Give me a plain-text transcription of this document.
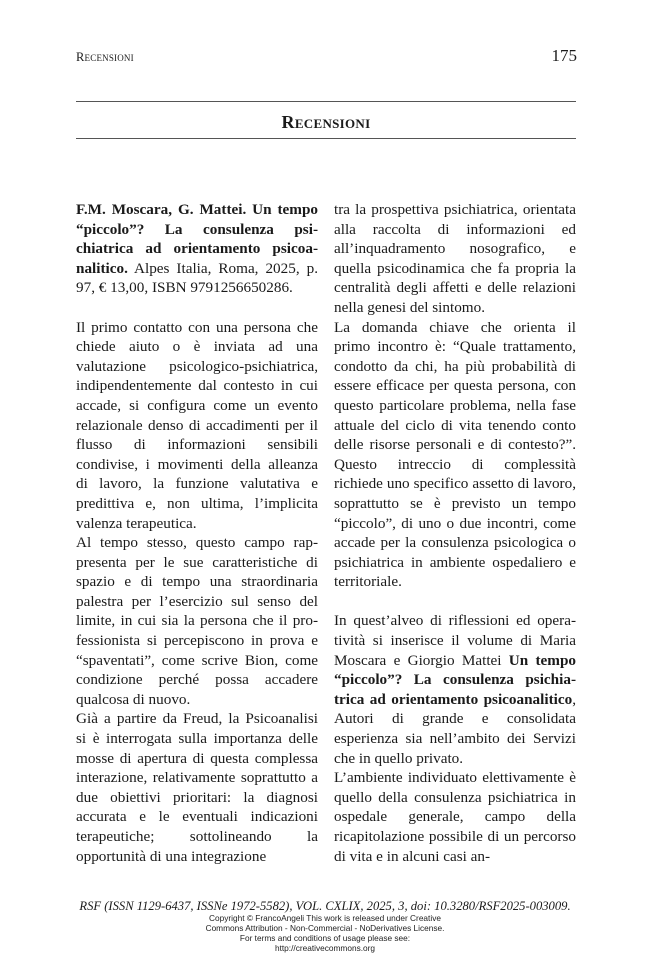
Recensioni	175
Recensioni

F.M. Moscara, G. Mattei. Un tempo “piccolo”? La consulenza psichiatrica ad orientamento psicoanalitico. Alpes Italia, Roma, 2025, p. 97, € 13,00, ISBN 9791256650286.

Il primo contatto con una persona che chiede aiuto o è inviata ad una valutazione psicologico-psichiatrica, indipendentemente dal contesto in cui accade, si configura come un evento relazionale denso di accadimenti per il flusso di informazioni sensibili condivise, i movimenti della alleanza di lavoro, la funzione valutativa e predittiva e, non ultima, l’implicita valenza terapeutica.

Al tempo stesso, questo campo rappresenta per le sue caratteristiche di spazio e di tempo una straordinaria palestra per l’esercizio sul senso del limite, in cui sia la persona che il professionista si percepiscono in prova e “spaventati”, come scrive Bion, come condizione perché possa accadere qualcosa di nuovo.

Già a partire da Freud, la Psicoanalisi si è interrogata sulla importanza delle mosse di apertura di questa complessa interazione, relativamente soprattutto a due obiettivi prioritari: la diagnosi accurata e le eventuali indicazioni terapeutiche; sottolineando la opportunità di una integrazione

tra la prospettiva psichiatrica, orientata alla raccolta di informazioni ed all’inquadramento nosografico, e quella psicodinamica che fa propria la centralità degli affetti e delle relazioni nella genesi del sintomo.

La domanda chiave che orienta il primo incontro è: “Quale trattamento, condotto da chi, ha più probabilità di essere efficace per questa persona, con questo particolare problema, nella fase attuale del ciclo di vita tenendo conto delle risorse personali e di contesto?”. Questo intreccio di complessità richiede uno specifico assetto di lavoro, soprattutto se è previsto un tempo “piccolo”, di uno o due incontri, come accade per la consulenza psicologica o psichiatrica in ambiente ospedaliero e territoriale.

In quest’alveo di riflessioni ed operatività si inserisce il volume di Maria Moscara e Giorgio Mattei Un tempo “piccolo”? La consulenza psichiatrica ad orientamento psicoanalitico, Autori di grande e consolidata esperienza sia nell’ambito dei Servizi che in quello privato.

L’ambiente individuato elettivamente è quello della consulenza psichiatrica in ospedale generale, campo della ricapitolazione possibile di un percorso di vita e in alcuni casi an-

RSF (ISSN 1129-6437, ISSNe 1972-5582), VOL. CXLIX, 2025, 3, doi: 10.3280/RSF2025-003009.
Copyright © FrancoAngeli This work is released under Creative
Commons Attribution - Non-Commercial - NoDerivatives License.
For terms and conditions of usage please see:
http://creativecommons.org
